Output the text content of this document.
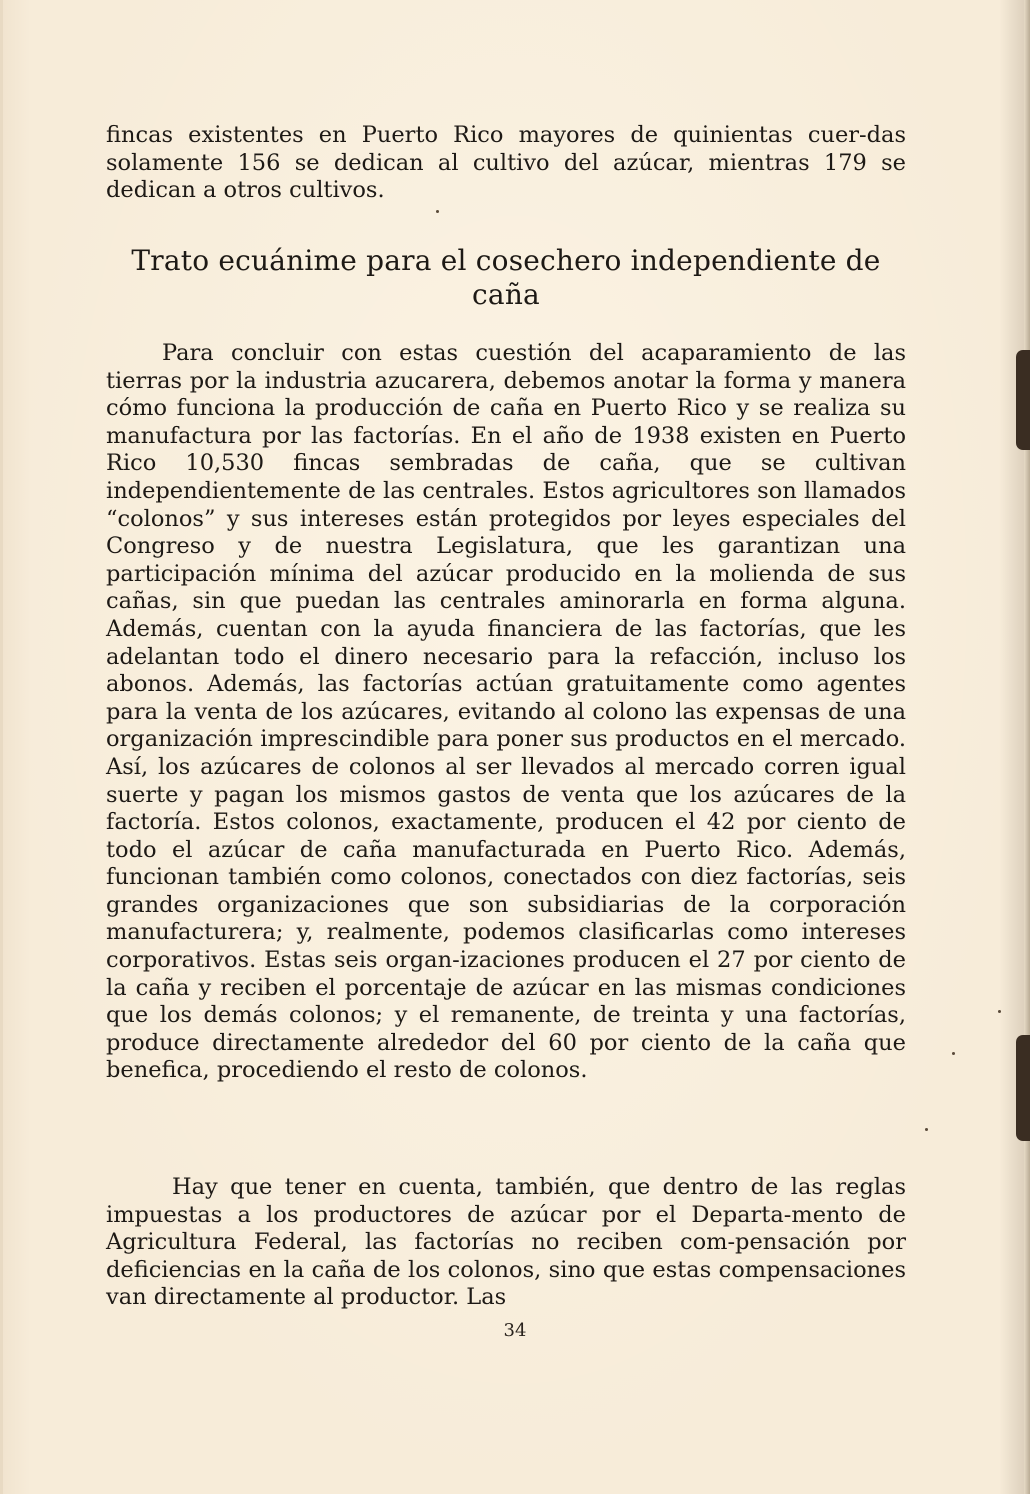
fincas existentes en Puerto Rico mayores de quinientas cuer-das solamente 156 se dedican al cultivo del azúcar, mientras 179 se dedican a otros cultivos.
Trato ecuánime para el cosechero independiente de caña
Para concluir con estas cuestión del acaparamiento de las tierras por la industria azucarera, debemos anotar la forma y manera cómo funciona la producción de caña en Puerto Rico y se realiza su manufactura por las factorías. En el año de 1938 existen en Puerto Rico 10,530 fincas sembradas de caña, que se cultivan independientemente de las centrales. Estos agricultores son llamados “colonos” y sus intereses están protegidos por leyes especiales del Congreso y de nuestra Legislatura, que les garantizan una participación mínima del azúcar producido en la molienda de sus cañas, sin que puedan las centrales aminorarla en forma alguna. Además, cuentan con la ayuda financiera de las factorías, que les adelantan todo el dinero necesario para la refacción, incluso los abonos. Además, las factorías actúan gratuitamente como agentes para la venta de los azúcares, evitando al colono las expensas de una organización imprescindible para poner sus productos en el mercado. Así, los azúcares de colonos al ser llevados al mercado corren igual suerte y pagan los mismos gastos de venta que los azúcares de la factoría. Estos colonos, exactamente, producen el 42 por ciento de todo el azúcar de caña manufacturada en Puerto Rico. Además, funcionan también como colonos, conectados con diez factorías, seis grandes organizaciones que son subsidiarias de la corporación manufacturera; y, realmente, podemos clasificarlas como intereses corporativos. Estas seis organ-izaciones producen el 27 por ciento de la caña y reciben el porcentaje de azúcar en las mismas condiciones que los demás colonos; y el remanente, de treinta y una factorías, produce directamente alrededor del 60 por ciento de la caña que benefica, procediendo el resto de colonos.
Hay que tener en cuenta, también, que dentro de las reglas impuestas a los productores de azúcar por el Departa-mento de Agricultura Federal, las factorías no reciben com-pensación por deficiencias en la caña de los colonos, sino que estas compensaciones van directamente al productor. Las
34
